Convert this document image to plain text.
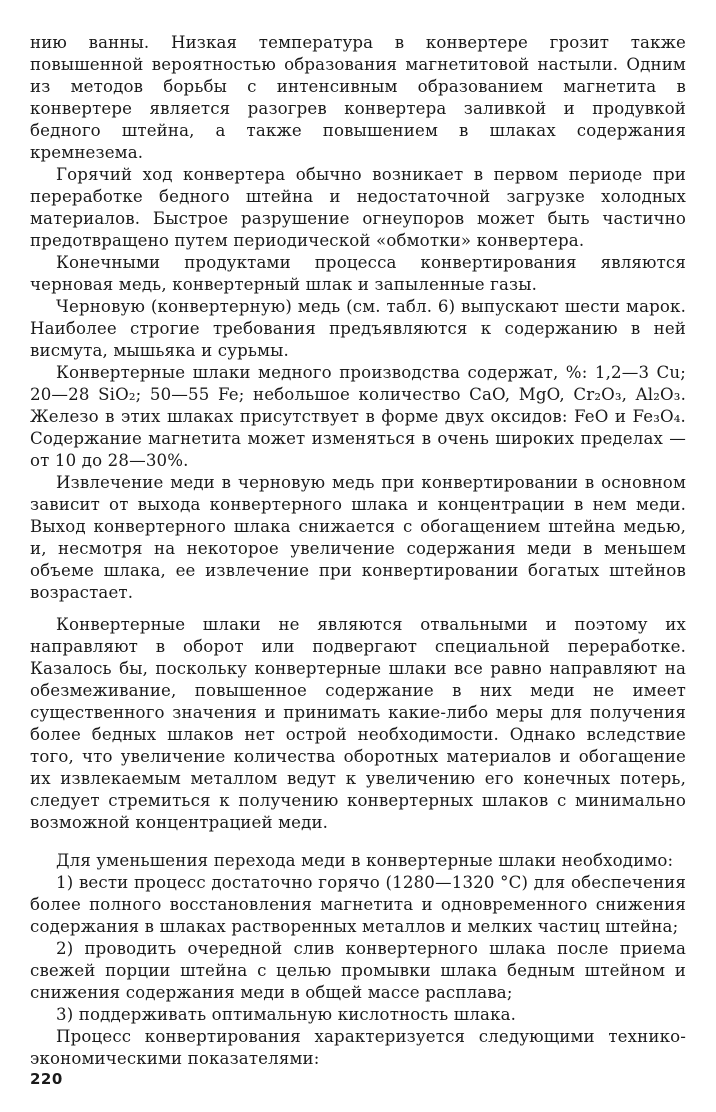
нию ванны. Низкая температура в конвертере грозит также повышенной вероятностью образования магнетитовой настыли. Одним из методов борьбы с интенсивным образованием магнетита в конвертере является разогрев конвертера заливкой и продувкой бедного штейна, а также повышением в шлаках содержания кремнезема.

Горячий ход конвертера обычно возникает в первом периоде при переработке бедного штейна и недостаточной загрузке холодных материалов. Быстрое разрушение огнеупоров может быть частично предотвращено путем периодической «обмотки» конвертера.

Конечными продуктами процесса конвертирования являются черновая медь, конвертерный шлак и запыленные газы.

Черновую (конвертерную) медь (см. табл. 6) выпускают шести марок. Наиболее строгие требования предъявляются к содержанию в ней висмута, мышьяка и сурьмы.

Конвертерные шлаки медного производства содержат, %: 1,2—3 Cu; 20—28 SiO₂; 50—55 Fe; небольшое количество CaO, MgO, Cr₂O₃, Al₂O₃. Железо в этих шлаках присутствует в форме двух оксидов: FeO и Fe₃O₄. Содержание магнетита может изменяться в очень широких пределах — от 10 до 28—30%.

Извлечение меди в черновую медь при конвертировании в основном зависит от выхода конвертерного шлака и концентрации в нем меди. Выход конвертерного шлака снижается с обогащением штейна медью, и, несмотря на некоторое увеличение содержания меди в меньшем объеме шлака, ее извлечение при конвертировании богатых штейнов возрастает.

Конвертерные шлаки не являются отвальными и поэтому их направляют в оборот или подвергают специальной переработке. Казалось бы, поскольку конвертерные шлаки все равно направляют на обезмеживание, повышенное содержание в них меди не имеет существенного значения и принимать какие-либо меры для получения более бедных шлаков нет острой необходимости. Однако вследствие того, что увеличение количества оборотных материалов и обогащение их извлекаемым металлом ведут к увеличению его конечных потерь, следует стремиться к получению конвертерных шлаков с минимально возможной концентрацией меди.

Для уменьшения перехода меди в конвертерные шлаки необходимо:

1) вести процесс достаточно горячо (1280—1320 °С) для обеспечения более полного восстановления магнетита и одновременного снижения содержания в шлаках растворенных металлов и мелких частиц штейна;

2) проводить очередной слив конвертерного шлака после приема свежей порции штейна с целью промывки шлака бедным штейном и снижения содержания меди в общей массе расплава;

3) поддерживать оптимальную кислотность шлака.

Процесс конвертирования характеризуется следующими технико-экономическими показателями:

220
